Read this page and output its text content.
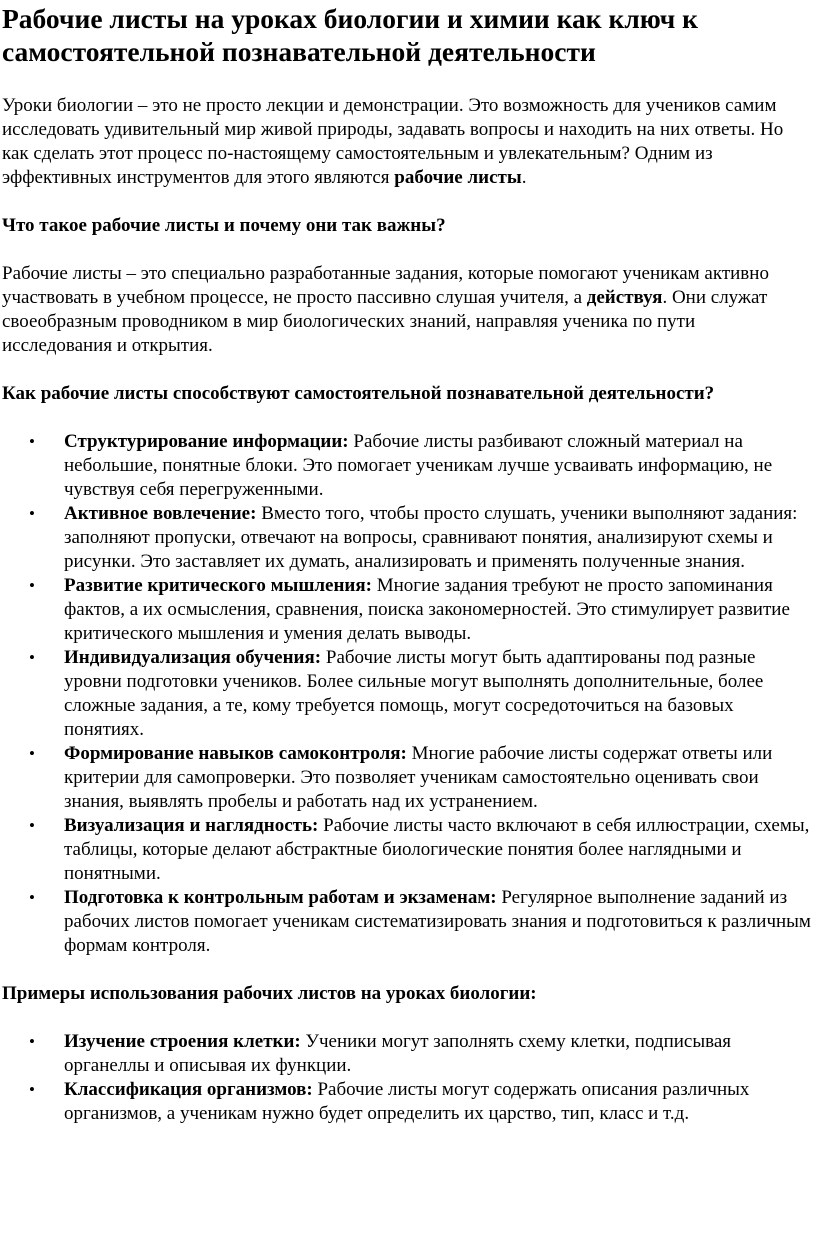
Рабочие листы на уроках биологии и химии как ключ к самостоятельной познавательной деятельности

Уроки биологии – это не просто лекции и демонстрации. Это возможность для учеников самим исследовать удивительный мир живой природы, задавать вопросы и находить на них ответы. Но как сделать этот процесс по-настоящему самостоятельным и увлекательным? Одним из эффективных инструментов для этого являются рабочие листы.

Что такое рабочие листы и почему они так важны?

Рабочие листы – это специально разработанные задания, которые помогают ученикам активно участвовать в учебном процессе, не просто пассивно слушая учителя, а действуя. Они служат своеобразным проводником в мир биологических знаний, направляя ученика по пути исследования и открытия.

Как рабочие листы способствуют самостоятельной познавательной деятельности?

• Структурирование информации: Рабочие листы разбивают сложный материал на небольшие, понятные блоки. Это помогает ученикам лучше усваивать информацию, не чувствуя себя перегруженными.
• Активное вовлечение: Вместо того, чтобы просто слушать, ученики выполняют задания: заполняют пропуски, отвечают на вопросы, сравнивают понятия, анализируют схемы и рисунки. Это заставляет их думать, анализировать и применять полученные знания.
• Развитие критического мышления: Многие задания требуют не просто запоминания фактов, а их осмысления, сравнения, поиска закономерностей. Это стимулирует развитие критического мышления и умения делать выводы.
• Индивидуализация обучения: Рабочие листы могут быть адаптированы под разные уровни подготовки учеников. Более сильные могут выполнять дополнительные, более сложные задания, а те, кому требуется помощь, могут сосредоточиться на базовых понятиях.
• Формирование навыков самоконтроля: Многие рабочие листы содержат ответы или критерии для самопроверки. Это позволяет ученикам самостоятельно оценивать свои знания, выявлять пробелы и работать над их устранением.
• Визуализация и наглядность: Рабочие листы часто включают в себя иллюстрации, схемы, таблицы, которые делают абстрактные биологические понятия более наглядными и понятными.
• Подготовка к контрольным работам и экзаменам: Регулярное выполнение заданий из рабочих листов помогает ученикам систематизировать знания и подготовиться к различным формам контроля.

Примеры использования рабочих листов на уроках биологии:

• Изучение строения клетки: Ученики могут заполнять схему клетки, подписывая органеллы и описывая их функции.
• Классификация организмов: Рабочие листы могут содержать описания различных организмов, а ученикам нужно будет определить их царство, тип, класс и т.д.
